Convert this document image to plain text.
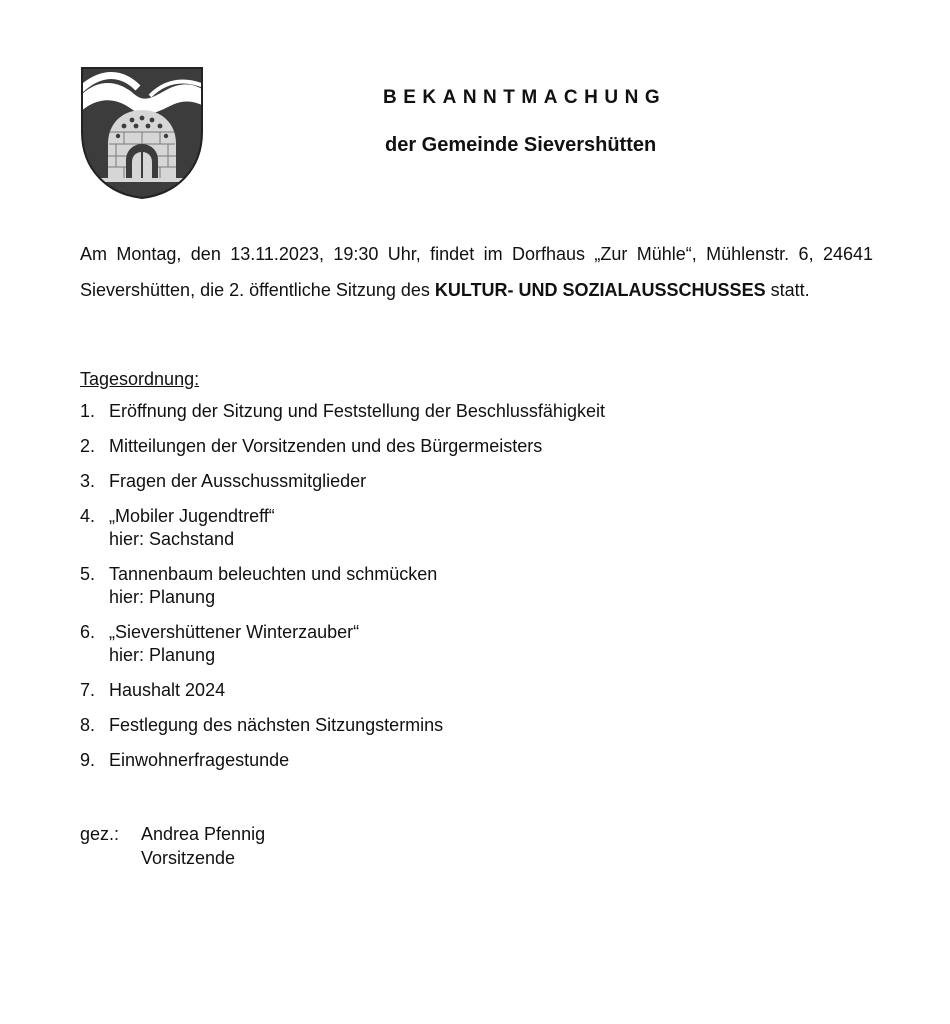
BEKANNTMACHUNG
der Gemeinde Sievershütten

Am Montag, den 13.11.2023, 19:30 Uhr, findet im Dorfhaus „Zur Mühle“, Mühlenstr. 6, 24641 Sievershütten, die 2. öffentliche Sitzung des KULTUR- UND SOZIALAUSSCHUSSES statt.

Tagesordnung:
1. Eröffnung der Sitzung und Feststellung der Beschlussfähigkeit
2. Mitteilungen der Vorsitzenden und des Bürgermeisters
3. Fragen der Ausschussmitglieder
4. „Mobiler Jugendtreff“
hier: Sachstand
5. Tannenbaum beleuchten und schmücken
hier: Planung
6. „Sievershüttener Winterzauber“
hier: Planung
7. Haushalt 2024
8. Festlegung des nächsten Sitzungstermins
9. Einwohnerfragestunde
gez.: Andrea Pfennig
Vorsitzende
